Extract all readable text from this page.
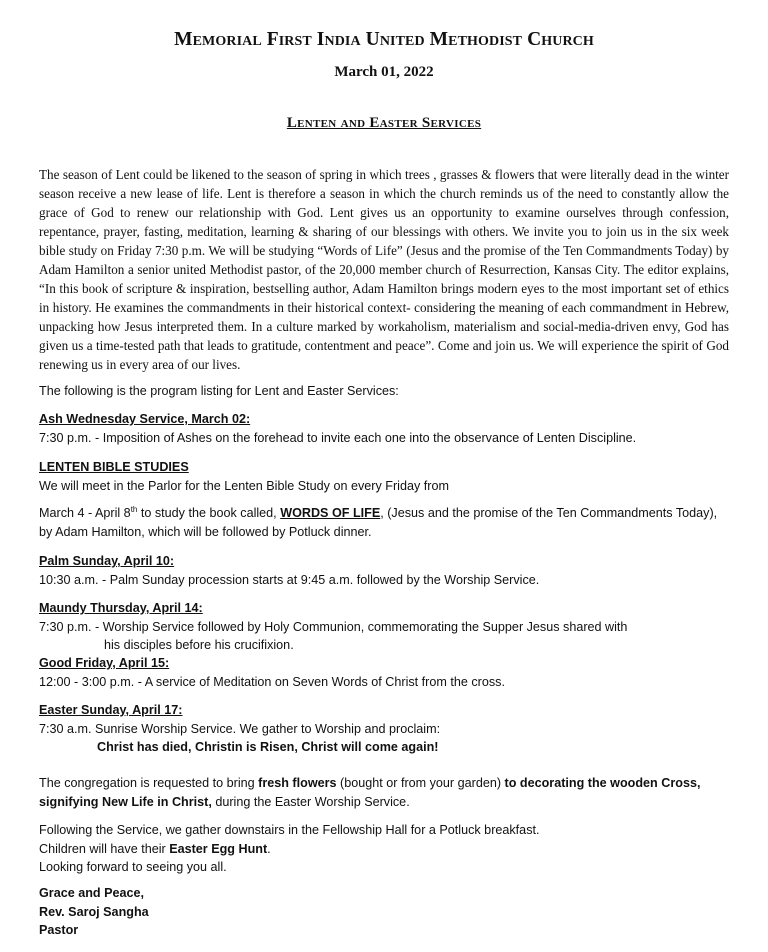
Memorial First India United Methodist Church
March 01, 2022
Lenten and Easter Services

The season of Lent could be likened to the season of spring in which trees , grasses & flowers that were literally dead in the winter season receive a new lease of life. Lent is therefore a season in which the church reminds us of the need to constantly allow the grace of God to renew our relationship with God. Lent gives us an opportunity to examine ourselves through confession, repentance, prayer, fasting, meditation, learning & sharing of our blessings with others. We invite you to join us in the six week bible study on Friday 7:30 p.m. We will be studying “Words of Life” (Jesus and the promise of the Ten Commandments Today) by Adam Hamilton a senior united Methodist pastor, of the 20,000 member church of Resurrection, Kansas City. The editor explains, “In this book of scripture & inspiration, bestselling author, Adam Hamilton brings modern eyes to the most important set of ethics in history. He examines the commandments in their historical context- considering the meaning of each commandment in Hebrew, unpacking how Jesus interpreted them. In a culture marked by workaholism, materialism and social-media-driven envy, God has given us a time-tested path that leads to gratitude, contentment and peace”. Come and join us. We will experience the spirit of God renewing us in every area of our lives.

The following is the program listing for Lent and Easter Services:

Ash Wednesday Service, March 02:
7:30 p.m. - Imposition of Ashes on the forehead to invite each one into the observance of Lenten Discipline.
LENTEN BIBLE STUDIES
We will meet in the Parlor for the Lenten Bible Study on every Friday from
March 4 - April 8th to study the book called, WORDS OF LIFE, (Jesus and the promise of the Ten Commandments Today),
by Adam Hamilton, which will be followed by Potluck dinner.
Palm Sunday, April 10:
10:30 a.m. - Palm Sunday procession starts at 9:45 a.m. followed by the Worship Service.
Maundy Thursday, April 14:
7:30 p.m. - Worship Service followed by Holy Communion, commemorating the Supper Jesus shared with
his disciples before his crucifixion.
Good Friday, April 15:
12:00 - 3:00 p.m. - A service of Meditation on Seven Words of Christ from the cross.
Easter Sunday, April 17:
7:30 a.m. Sunrise Worship Service. We gather to Worship and proclaim:
Christ has died, Christin is Risen, Christ will come again!
The congregation is requested to bring fresh flowers (bought or from your garden) to decorating the wooden Cross,
signifying New Life in Christ, during the Easter Worship Service.
Following the Service, we gather downstairs in the Fellowship Hall for a Potluck breakfast.
Children will have their Easter Egg Hunt.
Looking forward to seeing you all.
Grace and Peace,
Rev. Saroj Sangha
Pastor
